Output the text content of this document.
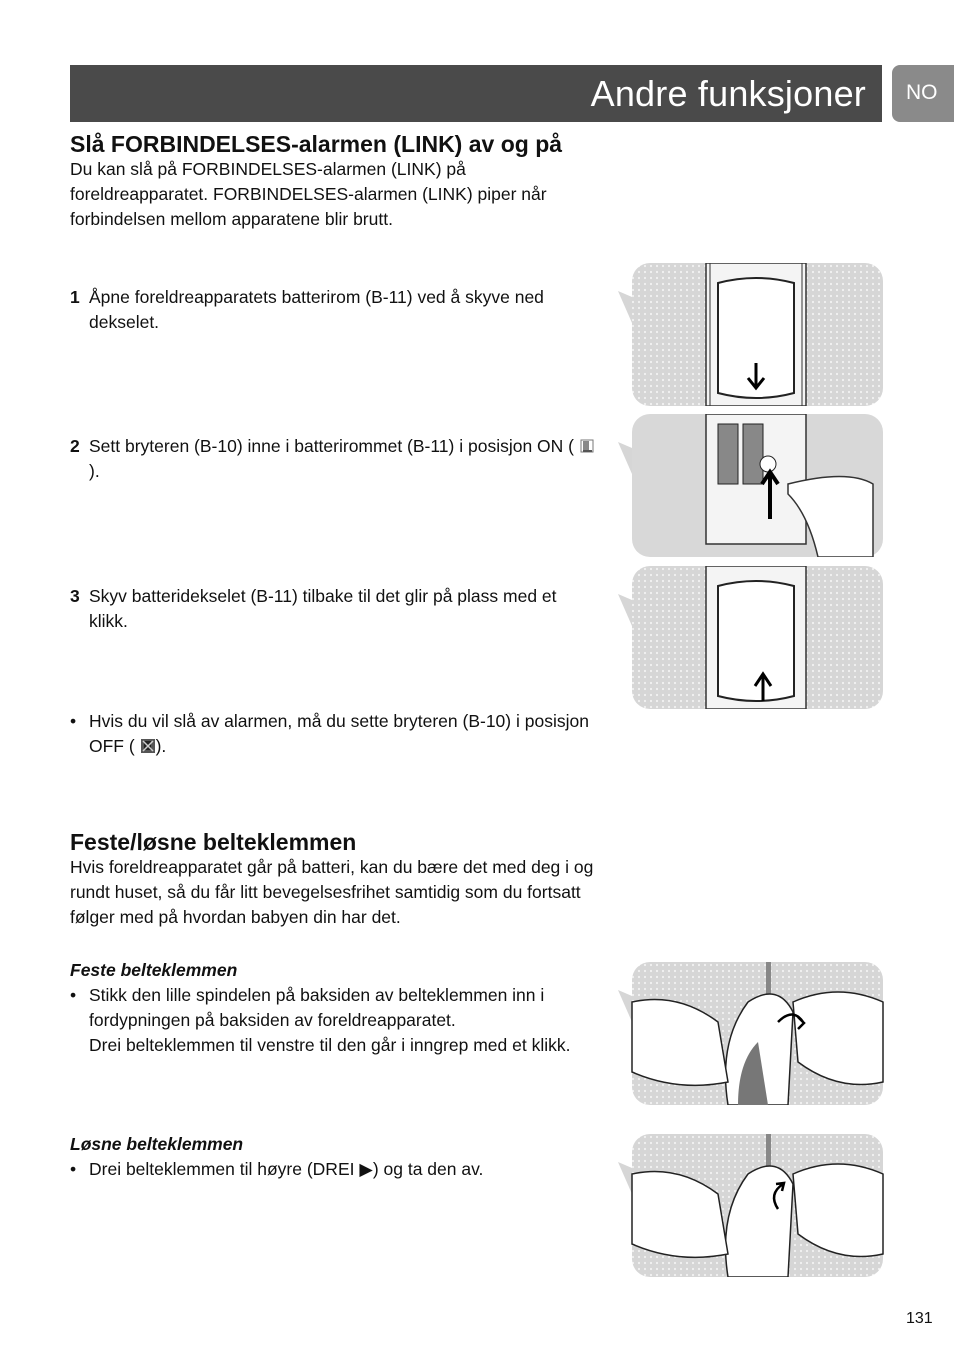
Andre funksjoner NO
Slå FORBINDELSES-alarmen (LINK) av og på

Du kan slå på FORBINDELSES-alarmen (LINK) på foreldreapparatet. FORBINDELSES-alarmen (LINK) piper når forbindelsen mellom apparatene blir brutt.

1 Åpne foreldreapparatets batterirom (B-11) ved å skyve ned dekselet.
2 Sett bryteren (B-10) inne i batterirommet (B-11) i posisjon ON ( ).
3 Skyv batteridekselet (B-11) tilbake til det glir på plass med et klikk.
• Hvis du vil slå av alarmen, må du sette bryteren (B-10) i posisjon
OFF ( ).
Feste/løsne belteklemmen

Hvis foreldreapparatet går på batteri, kan du bære det med deg i og rundt huset, så du får litt bevegelsesfrihet samtidig som du fortsatt følger med på hvordan babyen din har det.

Feste belteklemmen
• Stikk den lille spindelen på baksiden av belteklemmen inn i fordypningen på baksiden av foreldreapparatet.
Drei belteklemmen til venstre til den går i inngrep med et klikk.
Løsne belteklemmen
• Drei belteklemmen til høyre (DREI ▶) og ta den av.
131
